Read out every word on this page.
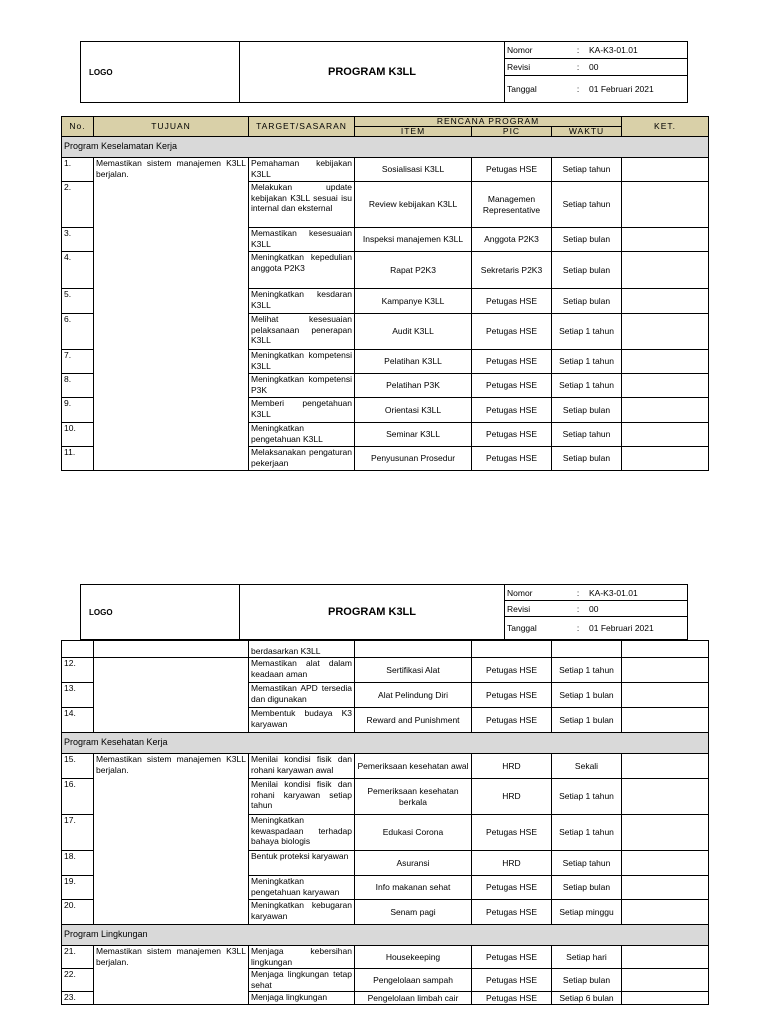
LOGO	PROGRAM K3LL	Nomor	:	KA-K3-01.01
		Revisi	:	00
		Tanggal	:	01 Februari 2021
No.	TUJUAN	TARGET/SASARAN	RENCANA PROGRAM			KET.
			ITEM	PIC	WAKTU	
Program Keselamatan Kerja						
1.	Memastikan sistem manajemen K3LL berjalan.	Pemahaman kebijakan K3LL	Sosialisasi K3LL	Petugas HSE	Setiap tahun	
2.		Melakukan update kebijakan K3LL sesuai isu internal dan eksternal	Review kebijakan K3LL	Managemen Representative	Setiap tahun	
3.		Memastikan kesesuaian K3LL	Inspeksi manajemen K3LL	Anggota P2K3	Setiap bulan	
4.		Meningkatkan kepedulian anggota P2K3	Rapat P2K3	Sekretaris P2K3	Setiap bulan	
5.		Meningkatkan kesdaran K3LL	Kampanye K3LL	Petugas HSE	Setiap bulan	
6.		Melihat kesesuaian pelaksanaan penerapan K3LL	Audit K3LL	Petugas HSE	Setiap 1 tahun	
7.		Meningkatkan kompetensi K3LL	Pelatihan K3LL	Petugas HSE	Setiap 1 tahun	
8.		Meningkatkan kompetensi P3K	Pelatihan P3K	Petugas HSE	Setiap 1 tahun	
9.		Memberi pengetahuan K3LL	Orientasi K3LL	Petugas HSE	Setiap bulan	
10.		Meningkatkan pengetahuan K3LL	Seminar K3LL	Petugas HSE	Setiap tahun	
11.		Melaksanakan pengaturan pekerjaan	Penyusunan Prosedur	Petugas HSE	Setiap bulan	
LOGO	PROGRAM K3LL	Nomor	:	KA-K3-01.01
		Revisi	:	00
		Tanggal	:	01 Februari 2021
		berdasarkan K3LL				
12.		Memastikan alat dalam keadaan aman	Sertifikasi Alat	Petugas HSE	Setiap 1 tahun	
13.		Memastikan APD tersedia dan digunakan	Alat Pelindung Diri	Petugas HSE	Setiap 1 bulan	
14.		Membentuk budaya K3 karyawan	Reward and Punishment	Petugas HSE	Setiap 1 bulan	
Program Kesehatan Kerja						
15.	Memastikan sistem manajemen K3LL berjalan.	Menilai kondisi fisik dan rohani karyawan awal	Pemeriksaan kesehatan awal	HRD	Sekali	
16.		Menilai kondisi fisik dan rohani karyawan setiap tahun	Pemeriksaan kesehatan berkala	HRD	Setiap 1 tahun	
17.		Meningkatkan kewaspadaan terhadap bahaya biologis	Edukasi Corona	Petugas HSE	Setiap 1 tahun	
18.		Bentuk proteksi karyawan	Asuransi	HRD	Setiap tahun	
19.		Meningkatkan pengetahuan karyawan	Info makanan sehat	Petugas HSE	Setiap bulan	
20.		Meningkatkan kebugaran karyawan	Senam pagi	Petugas HSE	Setiap minggu	
Program Lingkungan						
21.	Memastikan sistem manajemen K3LL berjalan.	Menjaga kebersihan lingkungan	Housekeeping	Petugas HSE	Setiap hari	
22.		Menjaga lingkungan tetap sehat	Pengelolaan sampah	Petugas HSE	Setiap bulan	
23.		Menjaga lingkungan	Pengelolaan limbah cair	Petugas HSE	Setiap 6 bulan	
